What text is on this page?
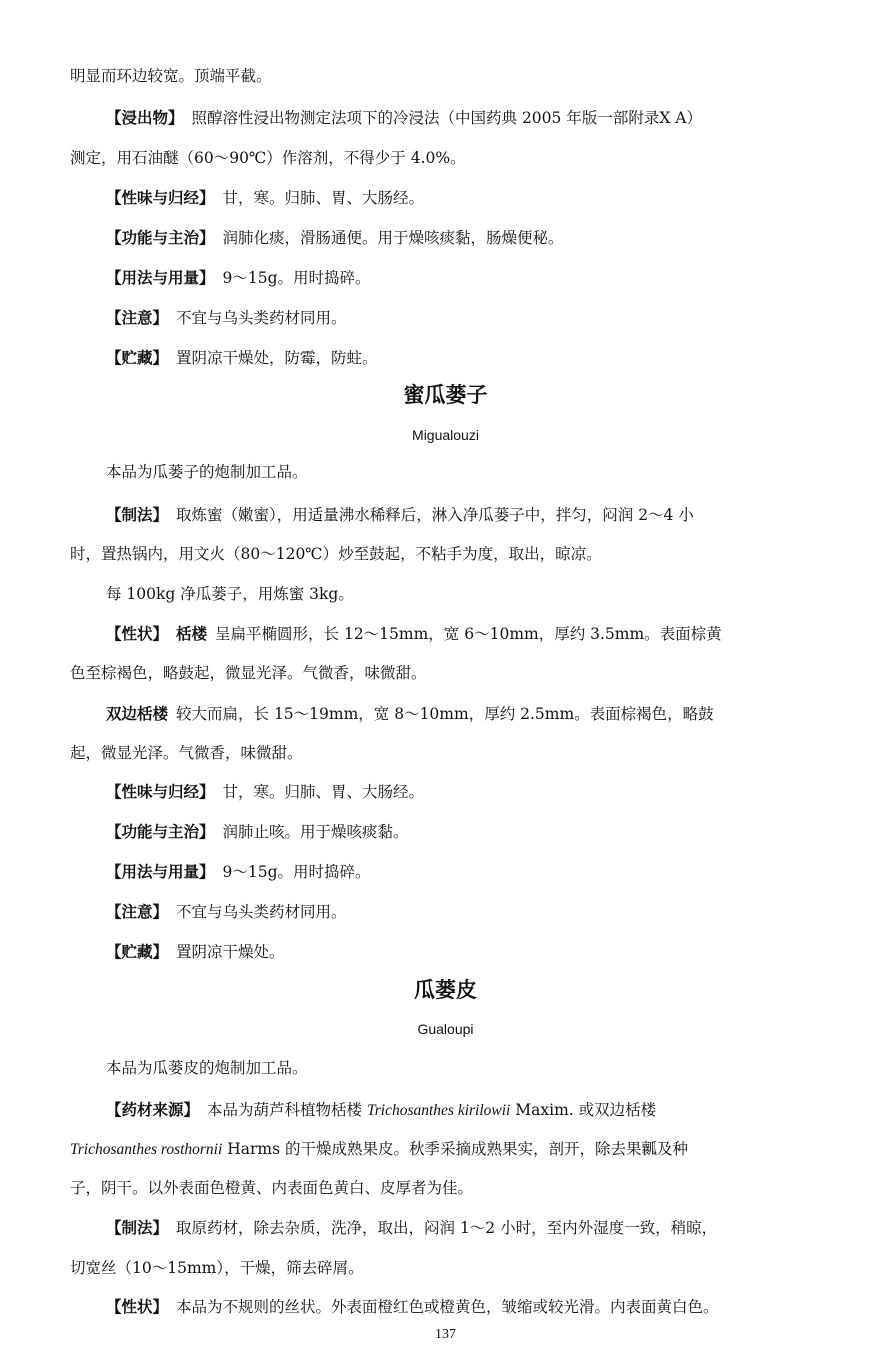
明显而环边较宽。顶端平截。
【浸出物】 照醇溶性浸出物测定法项下的冷浸法（中国药典 2005 年版一部附录Ⅹ A）
测定，用石油醚（60～90℃）作溶剂，不得少于 4.0%。
【性味与归经】 甘，寒。归肺、胃、大肠经。
【功能与主治】 润肺化痰，滑肠通便。用于燥咳痰黏，肠燥便秘。
【用法与用量】 9～15g。用时捣碎。
【注意】 不宜与乌头类药材同用。
【贮藏】 置阴凉干燥处，防霉，防蛀。
蜜瓜蒌子
Migualouzi
本品为瓜蒌子的炮制加工品。
【制法】 取炼蜜（嫩蜜），用适量沸水稀释后，淋入净瓜蒌子中，拌匀，闷润 2～4 小
时，置热锅内，用文火（80～120℃）炒至鼓起，不粘手为度，取出，晾凉。
每 100kg 净瓜蒌子，用炼蜜 3kg。
【性状】 栝楼 呈扁平椭圆形，长 12～15mm，宽 6～10mm，厚约 3.5mm。表面棕黄
色至棕褐色，略鼓起，微显光泽。气微香，味微甜。
双边栝楼 较大而扁，长 15～19mm，宽 8～10mm，厚约 2.5mm。表面棕褐色，略鼓
起，微显光泽。气微香，味微甜。
【性味与归经】 甘，寒。归肺、胃、大肠经。
【功能与主治】 润肺止咳。用于燥咳痰黏。
【用法与用量】 9～15g。用时捣碎。
【注意】 不宜与乌头类药材同用。
【贮藏】 置阴凉干燥处。
瓜蒌皮
Gualoupi
本品为瓜蒌皮的炮制加工品。
【药材来源】 本品为葫芦科植物栝楼 Trichosanthes kirilowii Maxim. 或双边栝楼
Trichosanthes rosthornii Harms 的干燥成熟果皮。秋季采摘成熟果实，剖开，除去果瓤及种
子，阴干。以外表面色橙黄、内表面色黄白、皮厚者为佳。
【制法】 取原药材，除去杂质，洗净，取出，闷润 1～2 小时，至内外湿度一致，稍晾，
切宽丝（10～15mm），干燥，筛去碎屑。
【性状】 本品为不规则的丝状。外表面橙红色或橙黄色，皱缩或较光滑。内表面黄白色。
137
